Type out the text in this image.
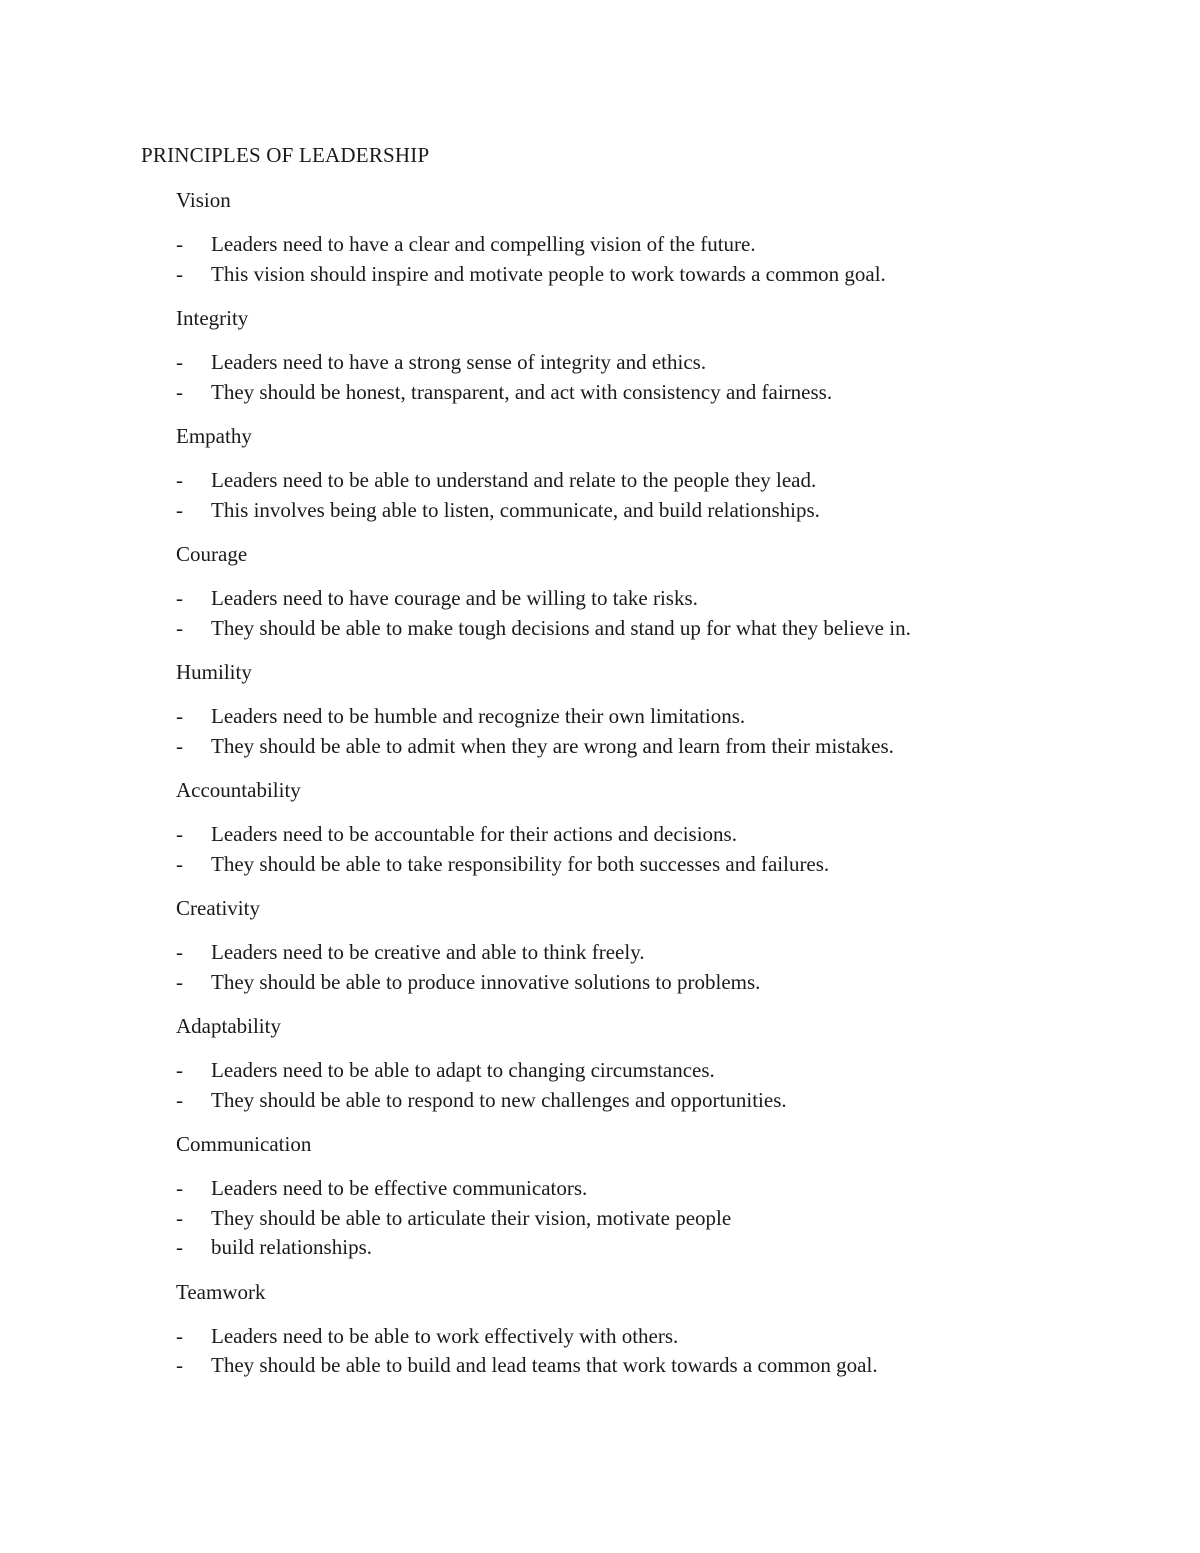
PRINCIPLES OF LEADERSHIP
Vision
-	Leaders need to have a clear and compelling vision of the future.
-	This vision should inspire and motivate people to work towards a common goal.
Integrity
-	Leaders need to have a strong sense of integrity and ethics.
-	They should be honest, transparent, and act with consistency and fairness.
Empathy
-	Leaders need to be able to understand and relate to the people they lead.
-	This involves being able to listen, communicate, and build relationships.
Courage
-	Leaders need to have courage and be willing to take risks.
-	They should be able to make tough decisions and stand up for what they believe in.
Humility
-	Leaders need to be humble and recognize their own limitations.
-	They should be able to admit when they are wrong and learn from their mistakes.
Accountability
-	Leaders need to be accountable for their actions and decisions.
-	They should be able to take responsibility for both successes and failures.
Creativity
-	Leaders need to be creative and able to think freely.
-	They should be able to produce innovative solutions to problems.
Adaptability
-	Leaders need to be able to adapt to changing circumstances.
-	They should be able to respond to new challenges and opportunities.
Communication
-	Leaders need to be effective communicators.
-	They should be able to articulate their vision, motivate people
-	build relationships.
Teamwork
-	Leaders need to be able to work effectively with others.
-	They should be able to build and lead teams that work towards a common goal.
